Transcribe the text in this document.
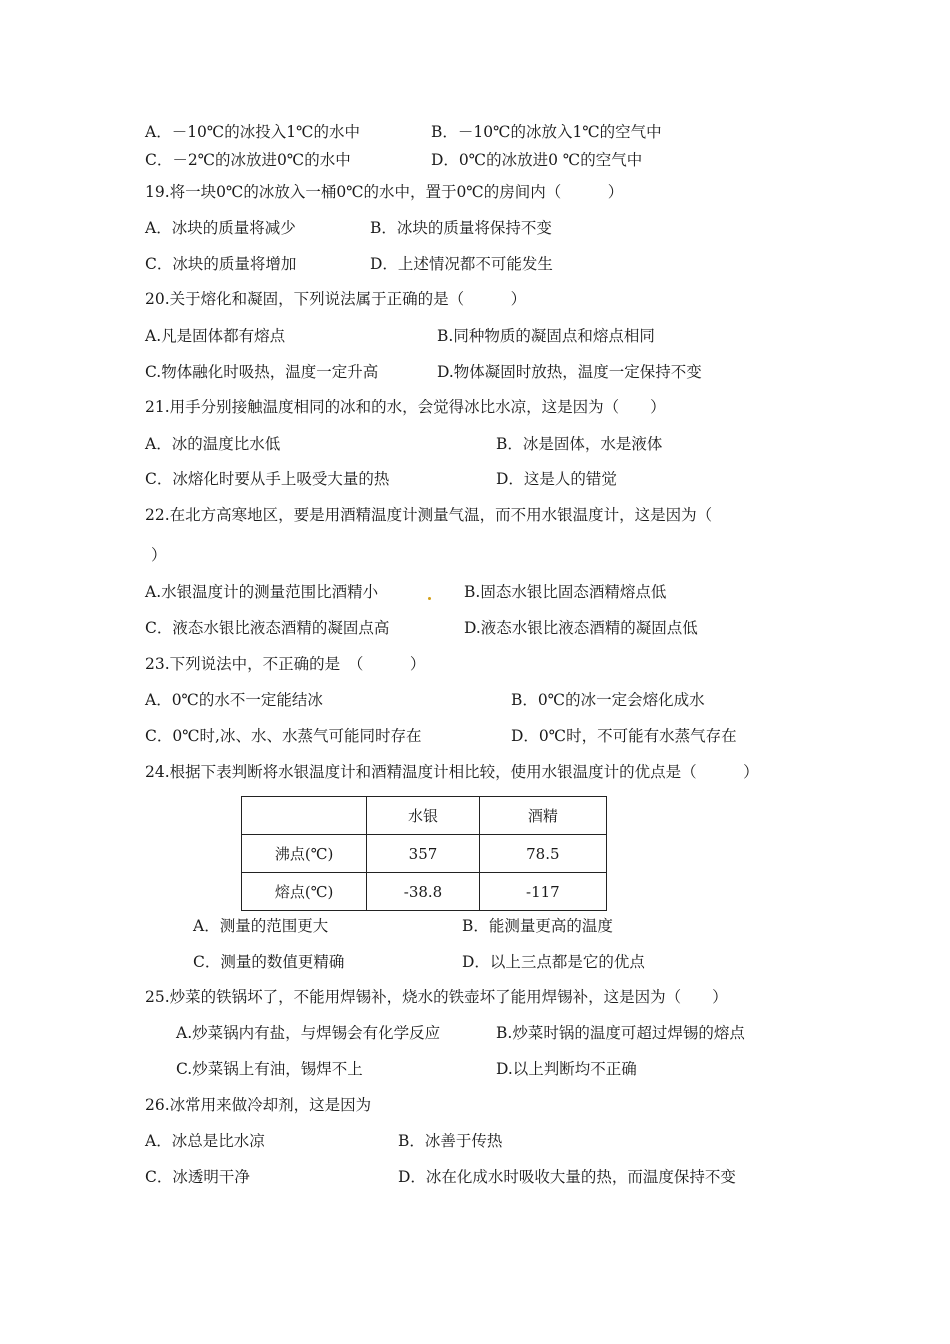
A．－10℃的冰投入1℃的水中	B．－10℃的冰放入1℃的空气中
C．－2℃的冰放进0℃的水中	D．0℃的冰放进0 ℃的空气中
19.将一块0℃的冰放入一桶0℃的水中，置于0℃的房间内（　　　）
A．冰块的质量将减少	B．冰块的质量将保持不变
C．冰块的质量将增加	D．上述情况都不可能发生
20.关于熔化和凝固，下列说法属于正确的是（　　　）
A.凡是固体都有熔点	B.同种物质的凝固点和熔点相同
C.物体融化时吸热，温度一定升高	D.物体凝固时放热，温度一定保持不变
21.用手分别接触温度相同的冰和的水，会觉得冰比水凉，这是因为（　　）
A．冰的温度比水低	B．冰是固体，水是液体
C．冰熔化时要从手上吸受大量的热	D．这是人的错觉
22.在北方高寒地区，要是用酒精温度计测量气温，而不用水银温度计，这是因为（
）
A.水银温度计的测量范围比酒精小	B.固态水银比固态酒精熔点低
C．液态水银比液态酒精的凝固点高	D.液态水银比液态酒精的凝固点低
23.下列说法中，不正确的是　（　　　）
A．0℃的水不一定能结冰	B．0℃的冰一定会熔化成水
C．0℃时,冰、水、水蒸气可能同时存在	D．0℃时，不可能有水蒸气存在
24.根据下表判断将水银温度计和酒精温度计相比较，使用水银温度计的优点是（　　　）
	水银	酒精
沸点(℃)	357	78.5
熔点(℃)	-38.8	-117
A．测量的范围更大	B．能测量更高的温度
C．测量的数值更精确	D．以上三点都是它的优点
25.炒菜的铁锅坏了，不能用焊锡补，烧水的铁壶坏了能用焊锡补，这是因为（　　）
A.炒菜锅内有盐，与焊锡会有化学反应	B.炒菜时锅的温度可超过焊锡的熔点
C.炒菜锅上有油，锡焊不上	D.以上判断均不正确
26.冰常用来做冷却剂，这是因为
A．冰总是比水凉	B．冰善于传热
C．冰透明干净	D．冰在化成水时吸收大量的热，而温度保持不变
